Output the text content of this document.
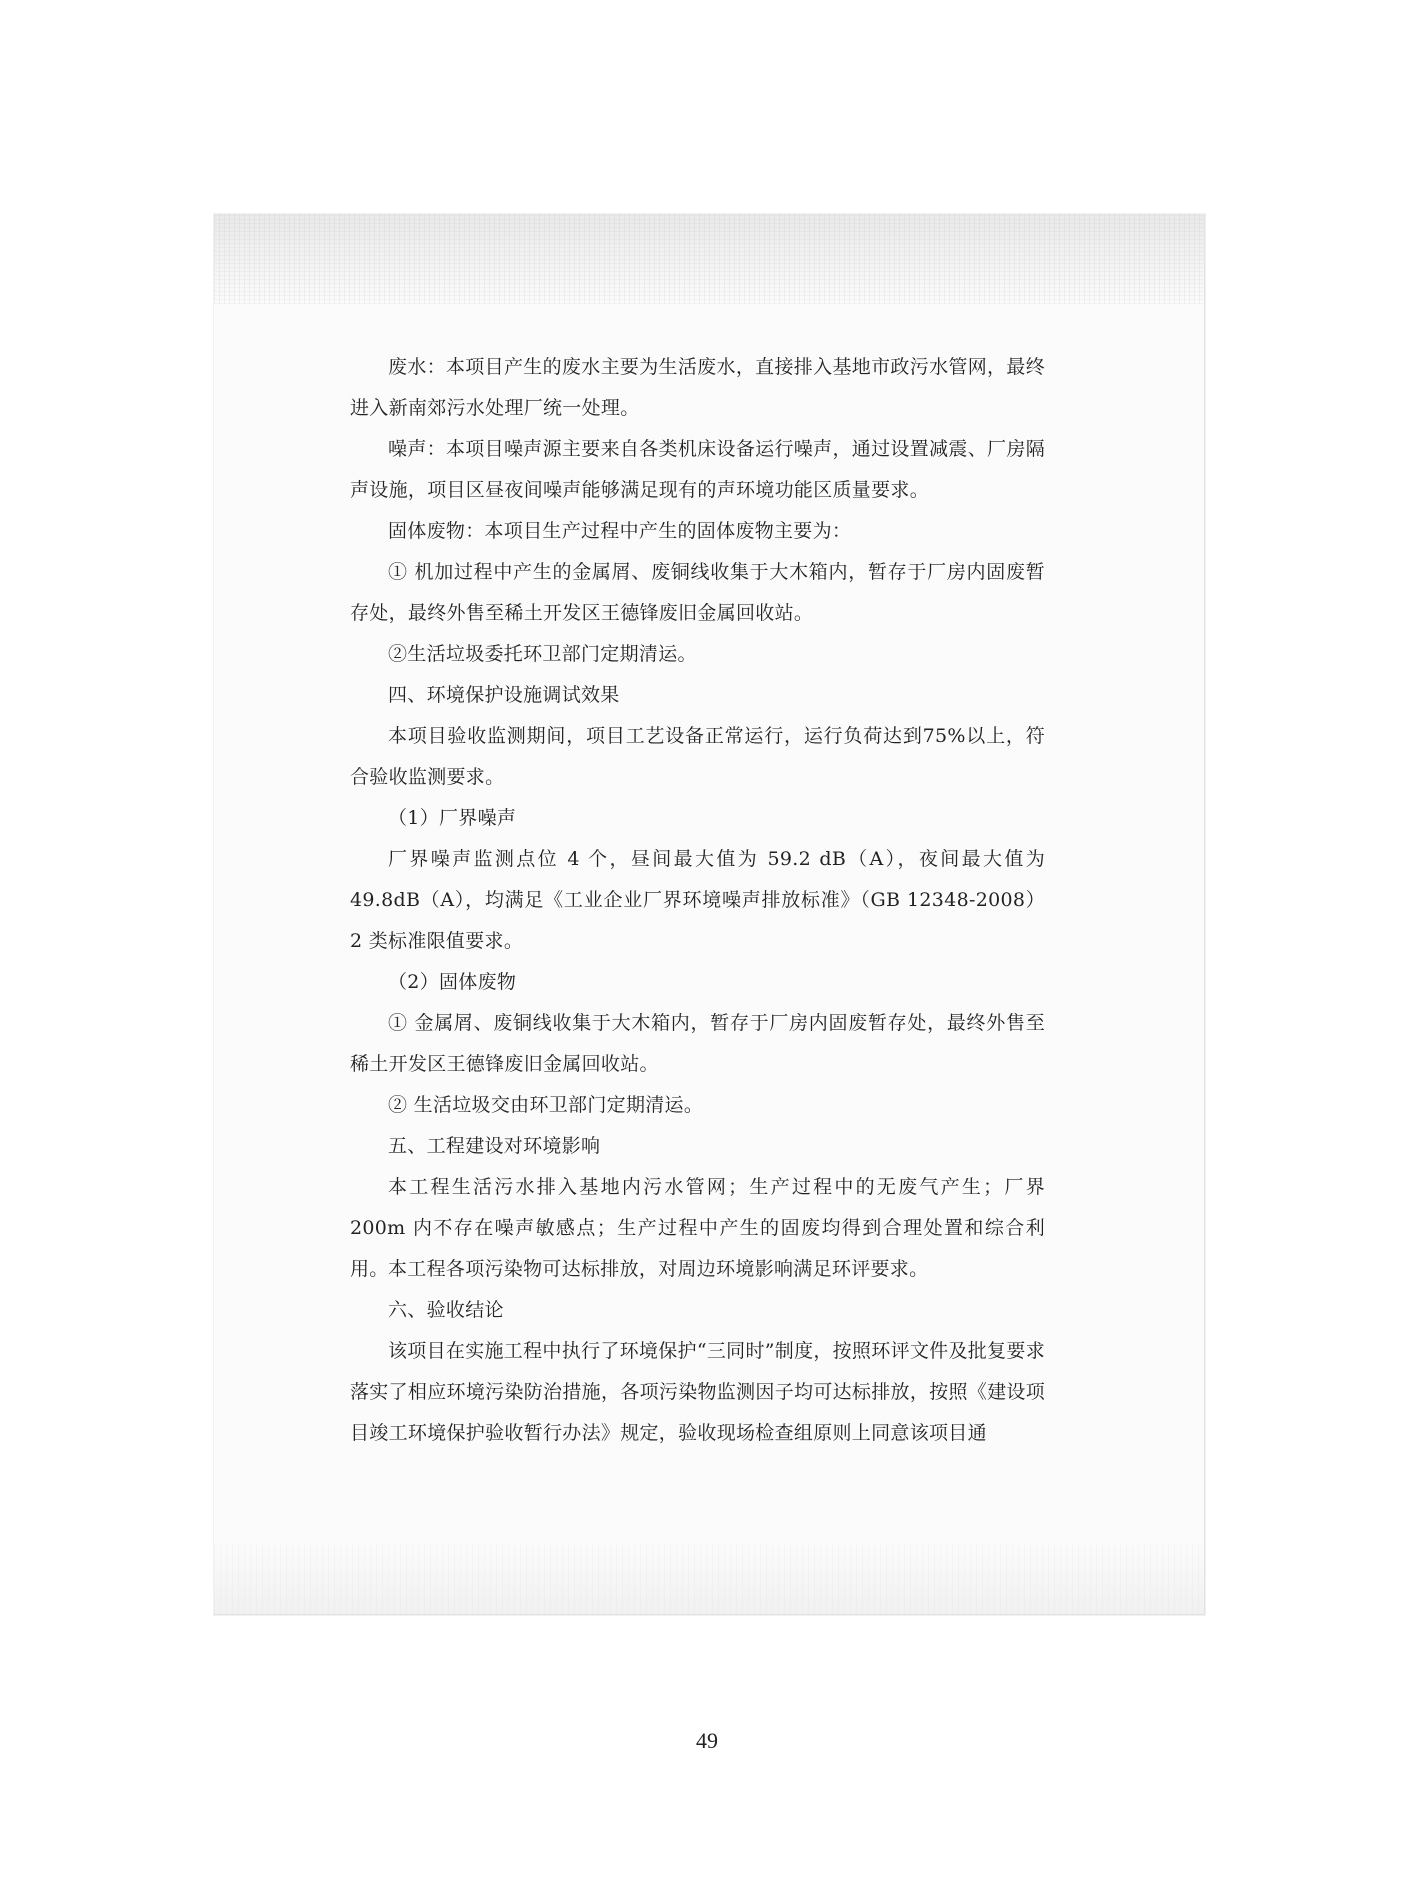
废水：本项目产生的废水主要为生活废水，直接排入基地市政污水管网，最终进入新南郊污水处理厂统一处理。

噪声：本项目噪声源主要来自各类机床设备运行噪声，通过设置减震、厂房隔声设施，项目区昼夜间噪声能够满足现有的声环境功能区质量要求。

固体废物：本项目生产过程中产生的固体废物主要为：

① 机加过程中产生的金属屑、废铜线收集于大木箱内，暂存于厂房内固废暂存处，最终外售至稀土开发区王德锋废旧金属回收站。

②生活垃圾委托环卫部门定期清运。

四、环境保护设施调试效果

本项目验收监测期间，项目工艺设备正常运行，运行负荷达到75%以上，符合验收监测要求。

（1）厂界噪声

厂界噪声监测点位 4 个，昼间最大值为 59.2 dB（A），夜间最大值为 49.8dB（A），均满足《工业企业厂界环境噪声排放标准》（GB 12348-2008）2 类标准限值要求。

（2）固体废物

① 金属屑、废铜线收集于大木箱内，暂存于厂房内固废暂存处，最终外售至稀土开发区王德锋废旧金属回收站。

② 生活垃圾交由环卫部门定期清运。

五、工程建设对环境影响

本工程生活污水排入基地内污水管网；生产过程中的无废气产生；厂界 200m 内不存在噪声敏感点；生产过程中产生的固废均得到合理处置和综合利用。 本工程各项污染物可达标排放，对周边环境影响满足环评要求。

六、验收结论

该项目在实施工程中执行了环境保护“三同时”制度，按照环评文件及批复要求落实了相应环境污染防治措施，各项污染物监测因子均可达标排放，按照《建设项目竣工环境保护验收暂行办法》规定，验收现场检查组原则上同意该项目通

49
